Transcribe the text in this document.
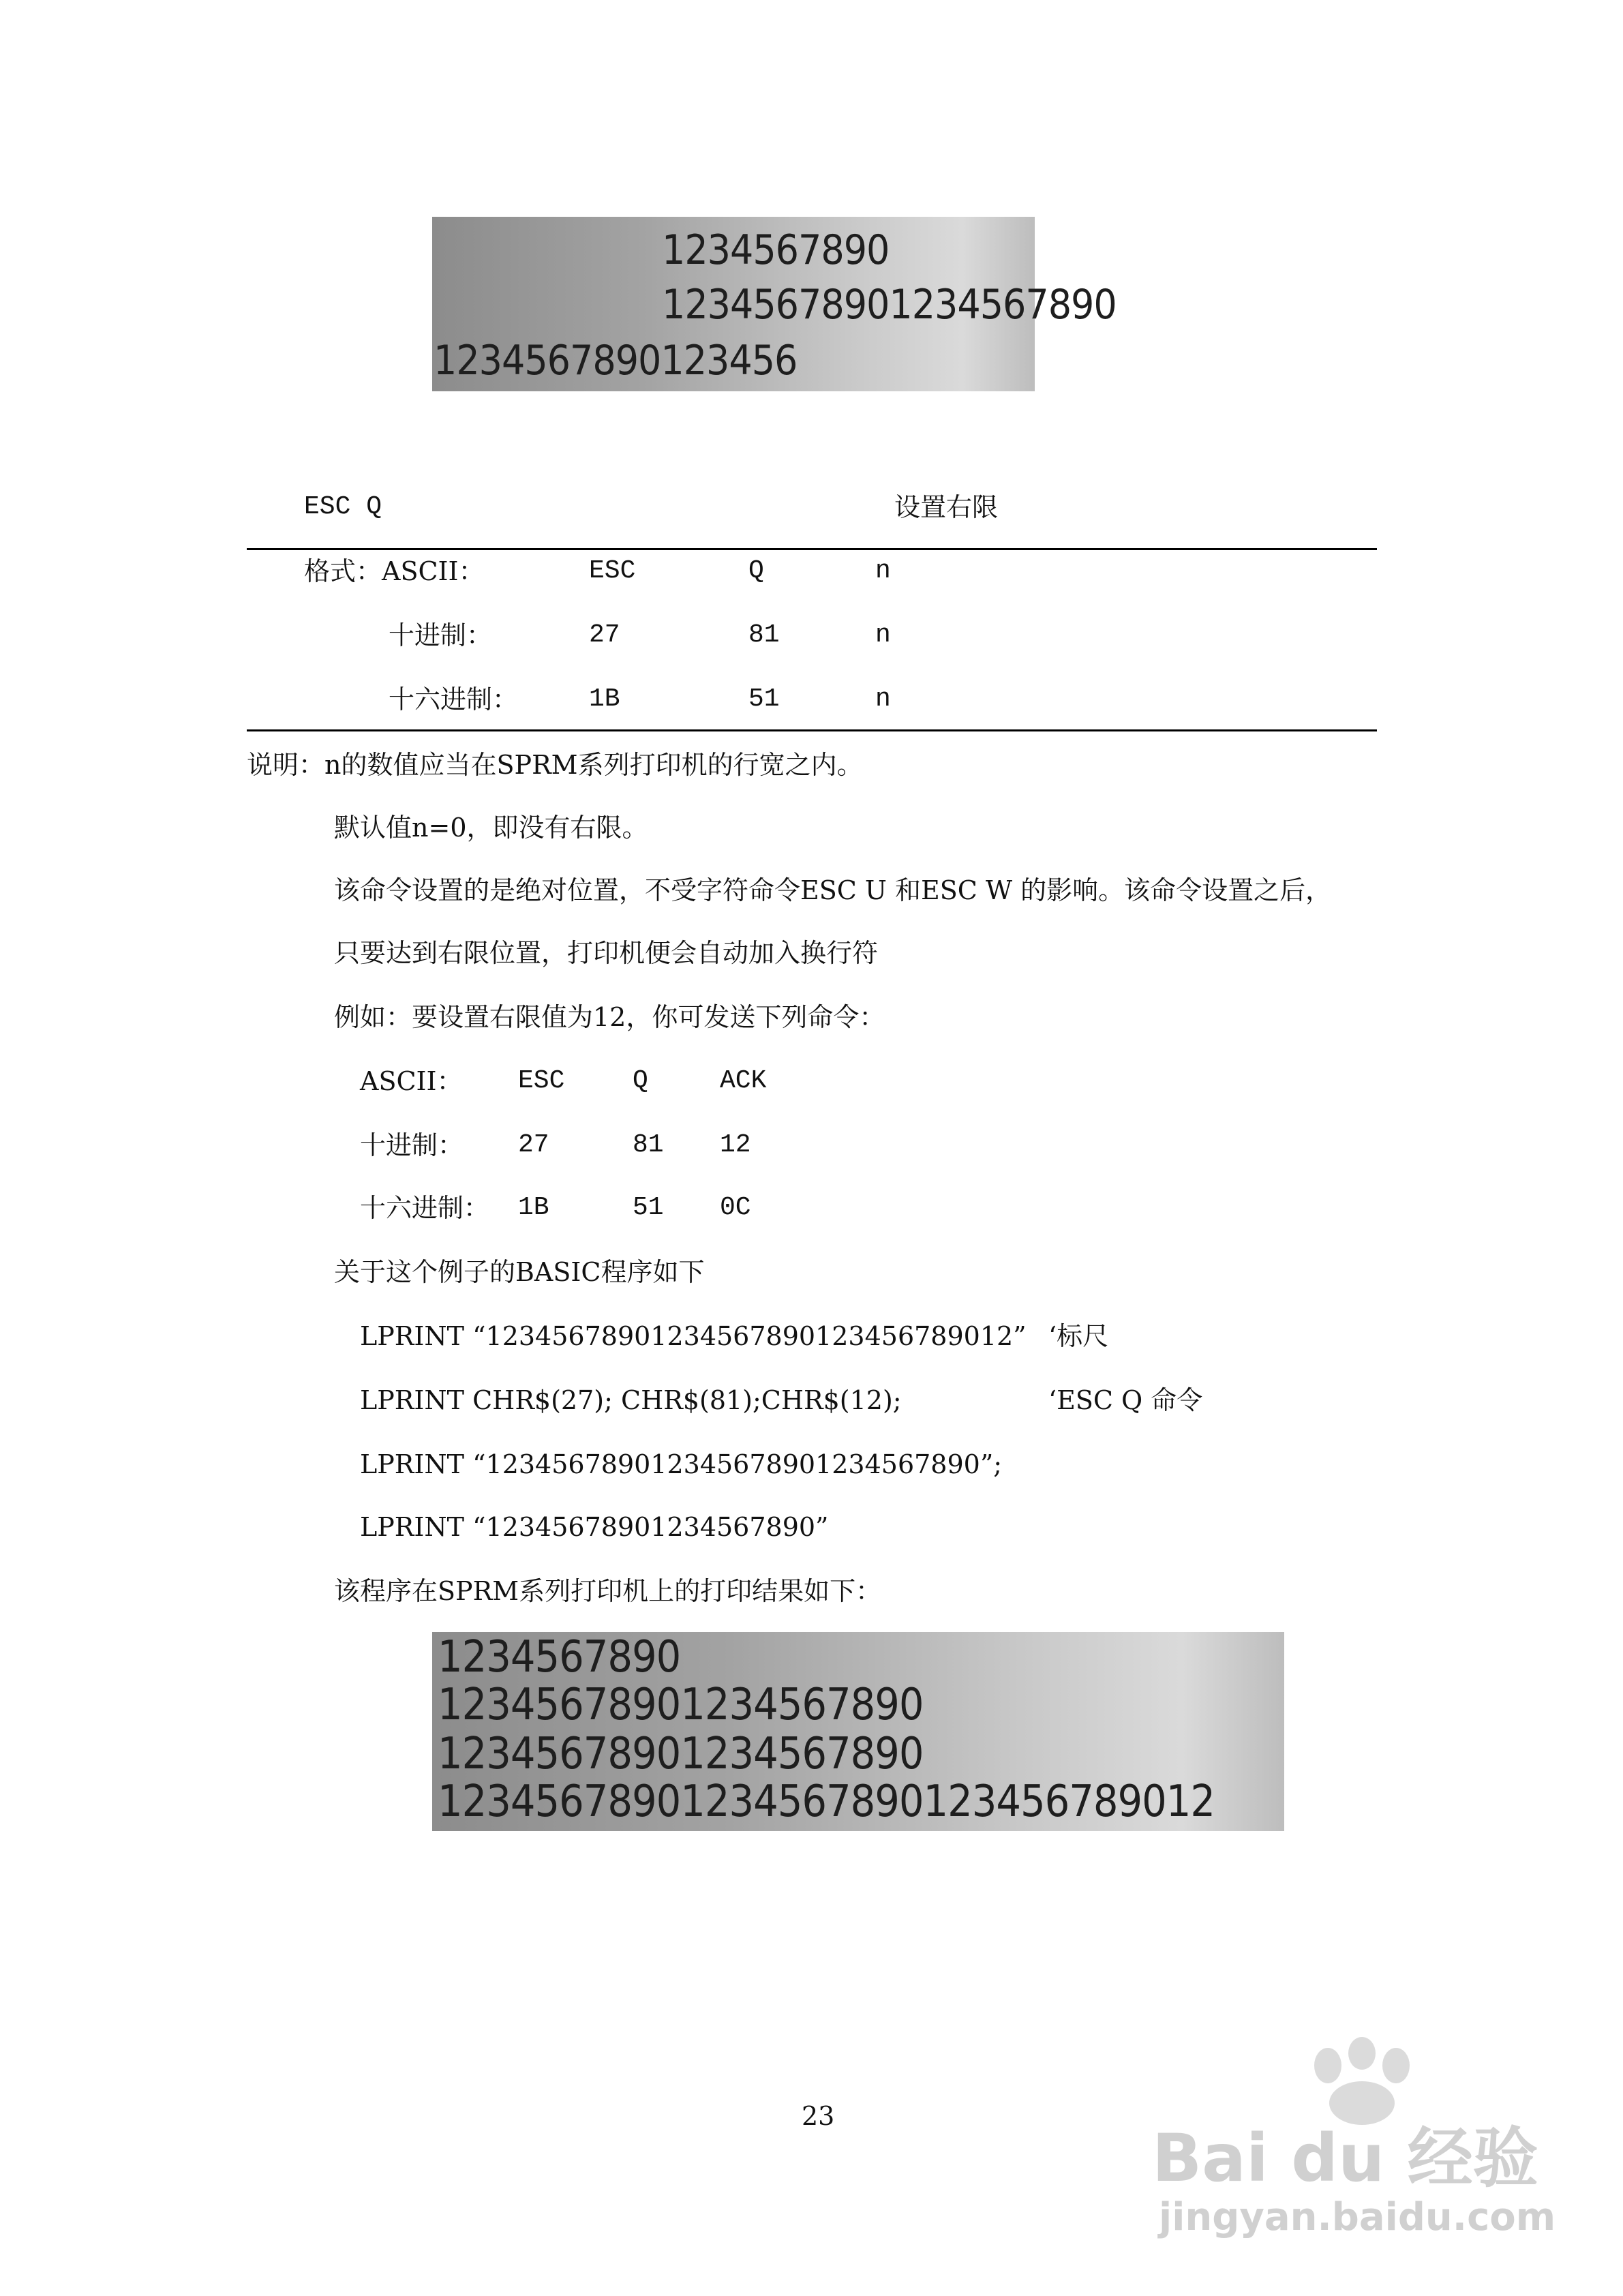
1234567890
12345678901234567890
1234567890123456
ESC Q	设置右限
格式：ASCII：	ESC	Q	n
十进制：	27	81	n
十六进制：	1B	51	n
说明：n的数值应当在SPRM系列打印机的行宽之内。
默认值n=0，即没有右限。
该命令设置的是绝对位置，不受字符命令ESC U 和ESC W 的影响。该命令设置之后，
只要达到右限位置，打印机便会自动加入换行符
例如：要设置右限值为12，你可发送下列命令：
ASCII： ESC	Q	ACK
十进制： 27	81 12
十六进制： 1B	51 0C
关于这个例子的BASIC程序如下
LPRINT “12345678901234567890123456789012” ‘标尺
LPRINT CHR$(27); CHR$(81);CHR$(12);	‘ESC Q 命令
LPRINT “123456789012345678901234567890”;
LPRINT “12345678901234567890”
该程序在SPRM系列打印机上的打印结果如下：
1234567890
12345678901234567890
12345678901234567890
12345678901234567890123456789012
23
Bai du 经验
jingyan.baidu.com
